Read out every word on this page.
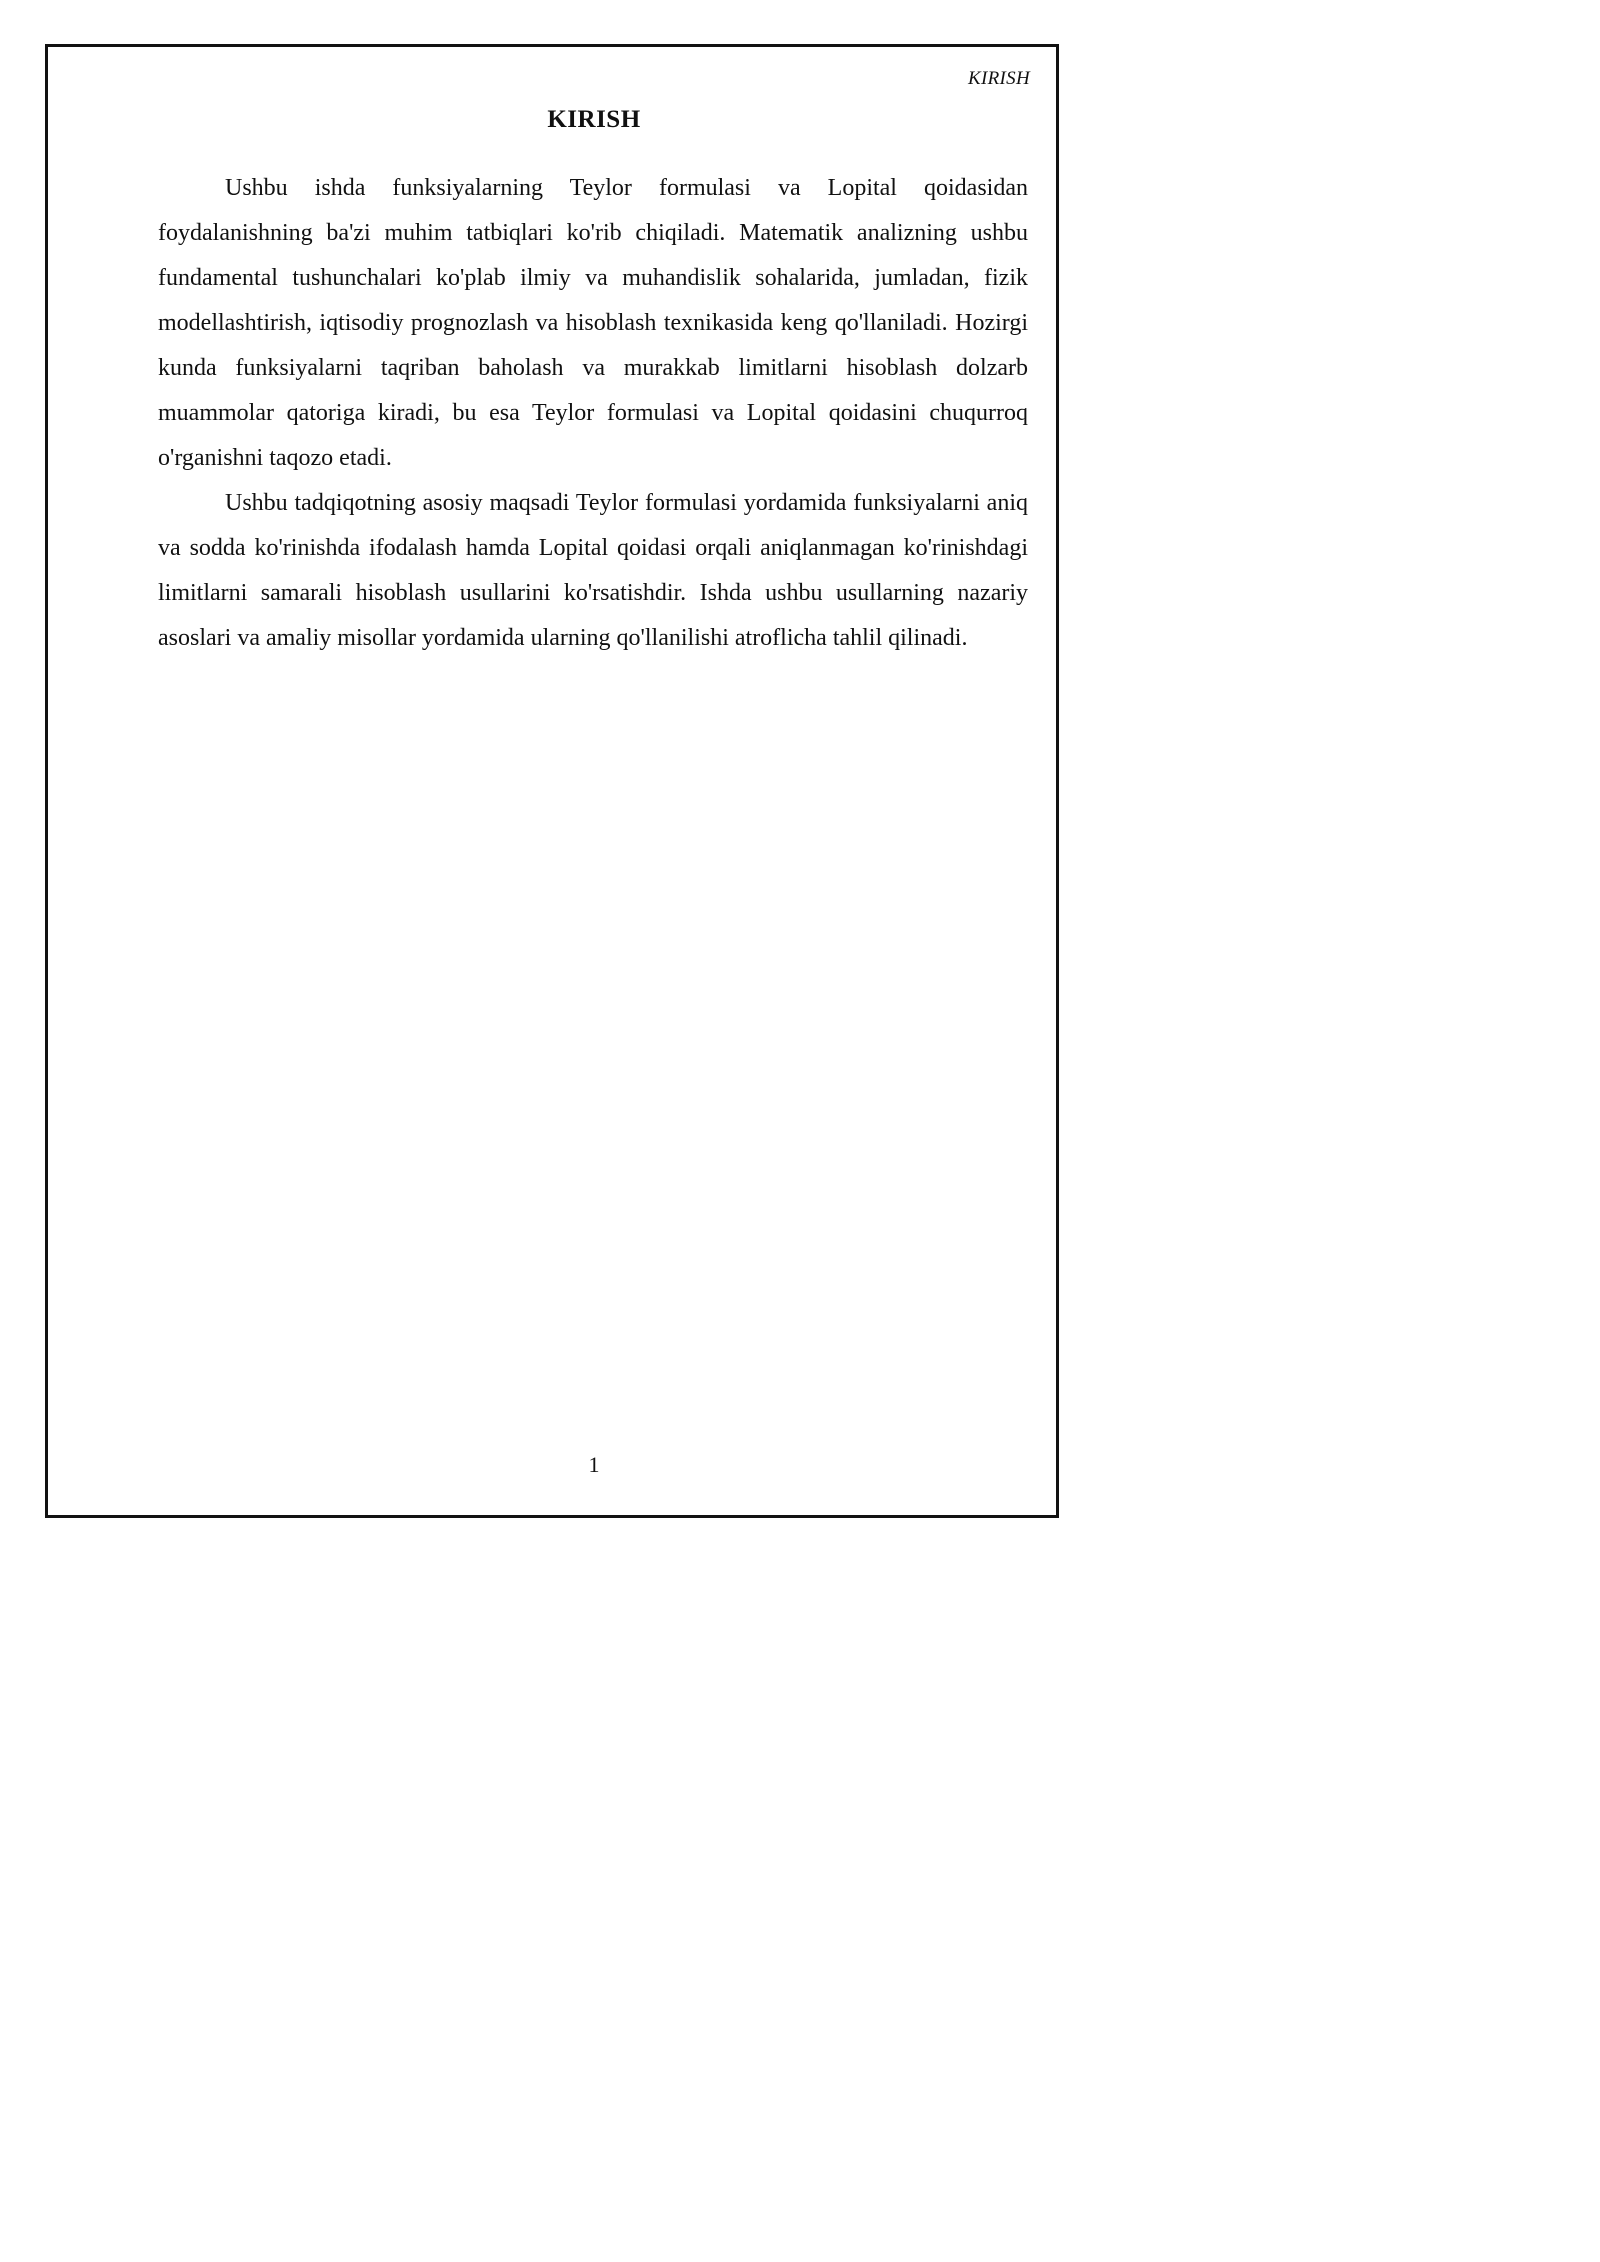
KIRISH
KIRISH

Ushbu ishda funksiyalarning Teylor formulasi va Lopital qoidasidan foydalanishning ba'zi muhim tatbiqlari ko'rib chiqiladi. Matematik analizning ushbu fundamental tushunchalari ko'plab ilmiy va muhandislik sohalarida, jumladan, fizik modellashtirish, iqtisodiy prognozlash va hisoblash texnikasida keng qo'llaniladi. Hozirgi kunda funksiyalarni taqriban baholash va murakkab limitlarni hisoblash dolzarb muammolar qatoriga kiradi, bu esa Teylor formulasi va Lopital qoidasini chuqurroq o'rganishni taqozo etadi.

Ushbu tadqiqotning asosiy maqsadi Teylor formulasi yordamida funksiyalarni aniq va sodda ko'rinishda ifodalash hamda Lopital qoidasi orqali aniqlanmagan ko'rinishdagi limitlarni samarali hisoblash usullarini ko'rsatishdir. Ishda ushbu usullarning nazariy asoslari va amaliy misollar yordamida ularning qo'llanilishi atroflicha tahlil qilinadi.

1
